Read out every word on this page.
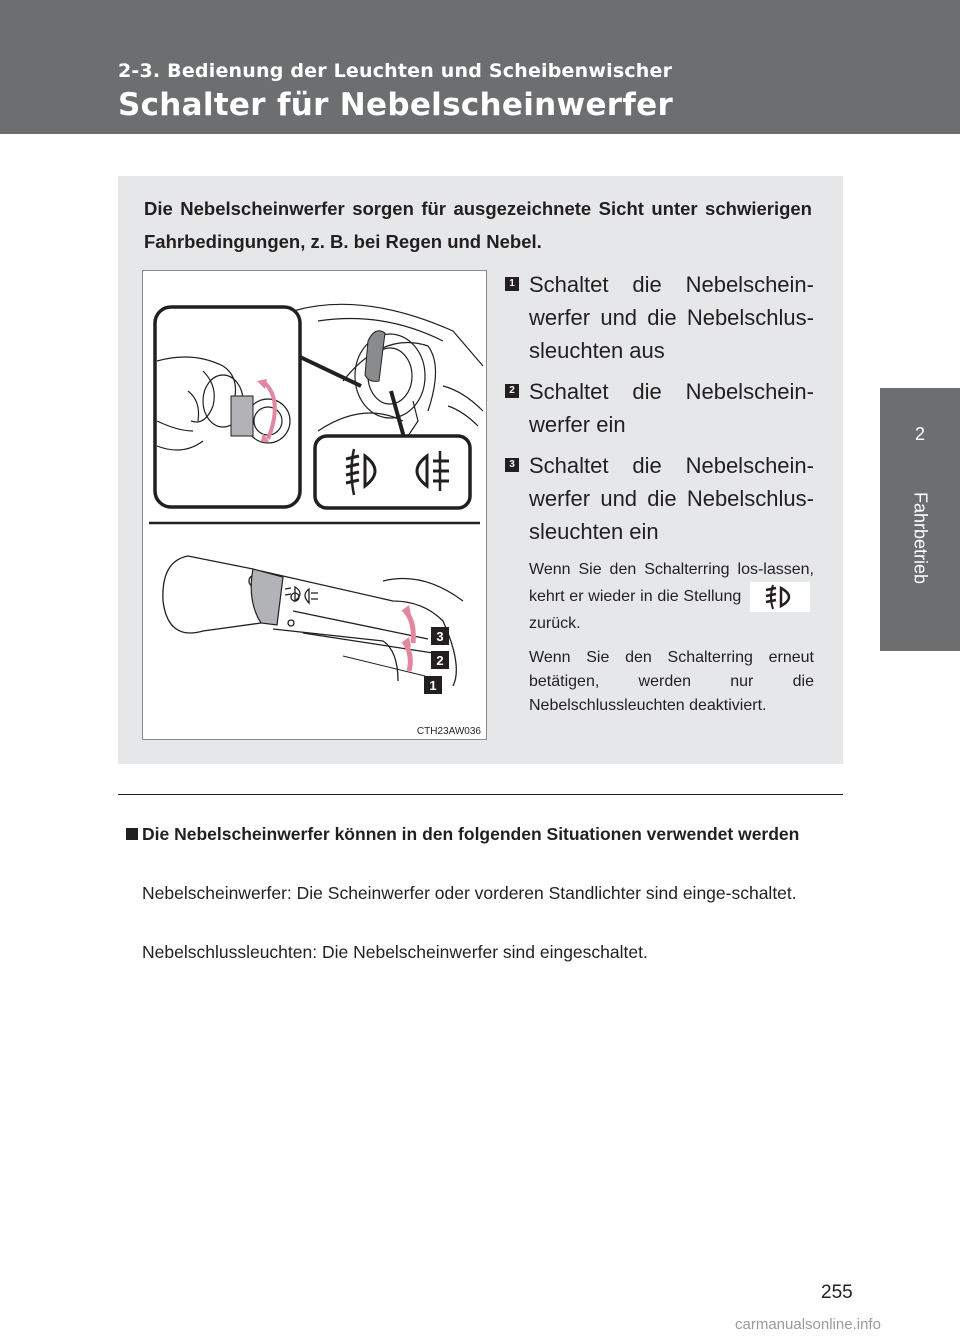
2-3. Bedienung der Leuchten und Scheibenwischer
Schalter für Nebelscheinwerfer
2
Fahrbetrieb
Die Nebelscheinwerfer sorgen für ausgezeichnete Sicht unter schwierigen Fahrbedingungen, z. B. bei Regen und Nebel.
3
2
1
CTH23AW036
1 Schaltet die Nebelschein-werfer und die Nebelschlus-sleuchten aus
2 Schaltet die Nebelschein-werfer ein
3 Schaltet die Nebelschein-werfer und die Nebelschlus-sleuchten ein
Wenn Sie den Schalterring los-lassen, kehrt er wieder in die Stellung  zurück.
Wenn Sie den Schalterring erneut betätigen, werden nur die Nebelschlussleuchten deaktiviert.
Die Nebelscheinwerfer können in den folgenden Situationen verwendet werden
Nebelscheinwerfer: Die Scheinwerfer oder vorderen Standlichter sind einge-schaltet.
Nebelschlussleuchten: Die Nebelscheinwerfer sind eingeschaltet.
255
carmanualsonline.info
